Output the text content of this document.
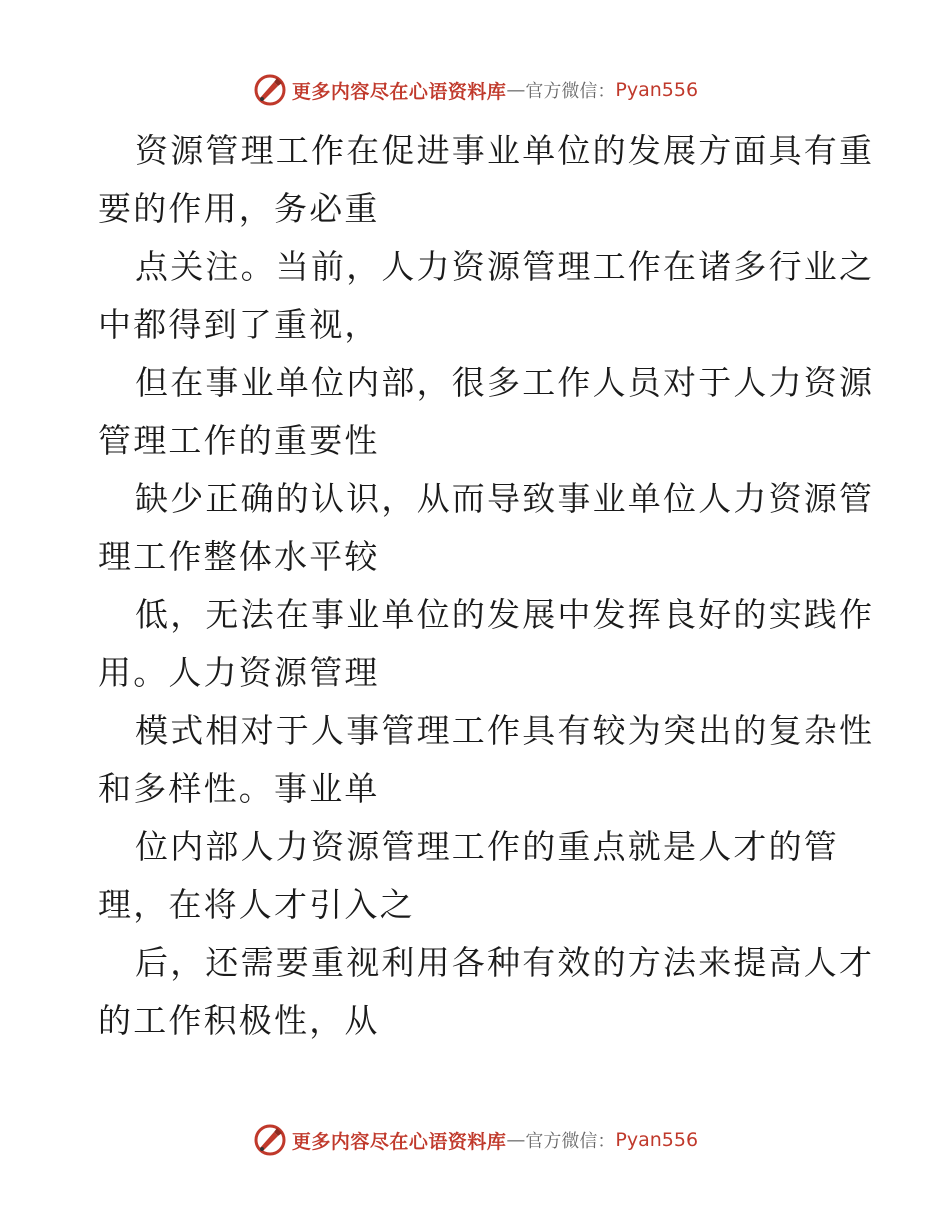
更多内容尽在心语资料库 — 官方微信： Pyan556

资源管理工作在促进事业单位的发展方面具有重
要的作用，务必重

点关注。当前，人力资源管理工作在诸多行业之
中都得到了重视，

但在事业单位内部，很多工作人员对于人力资源
管理工作的重要性

缺少正确的认识，从而导致事业单位人力资源管
理工作整体水平较

低，无法在事业单位的发展中发挥良好的实践作
用。人力资源管理

模式相对于人事管理工作具有较为突出的复杂性
和多样性。事业单

位内部人力资源管理工作的重点就是人才的管
理，在将人才引入之

后，还需要重视利用各种有效的方法来提高人才
的工作积极性，从

更多内容尽在心语资料库 — 官方微信： Pyan556
